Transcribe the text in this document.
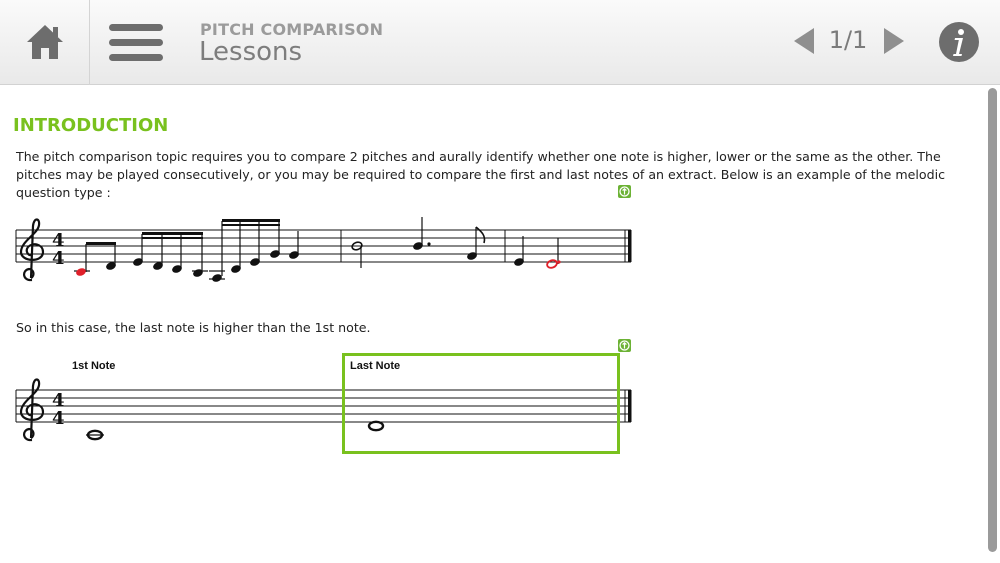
PITCH COMPARISON
Lessons	1/1
INTRODUCTION
The pitch comparison topic requires you to compare 2 pitches and aurally identify whether one note is higher, lower or the same as the other. The pitches may be played consecutively, or you may be required to compare the first and last notes of an extract. Below is an example of the melodic question type :
4
4
So in this case, the last note is higher than the 1st note.
1st Note	Last Note
4
4
